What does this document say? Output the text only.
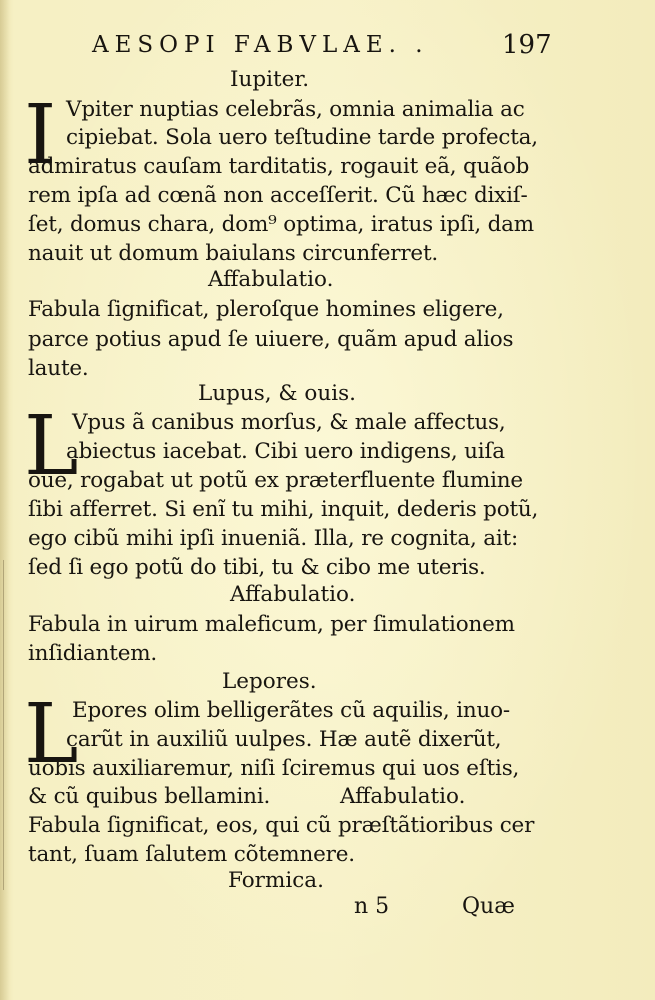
AESOPI FABVLAE. .	197
Iupiter.
I Vpiter nuptias celebrãs, omnia animalia ac
cipiebat. Sola uero teſtudine tarde profecta,
admiratus cauſam tarditatis, rogauit eã, quãob
rem ipſa ad cœnã non acceſſerit. Cũ hæc dixiſ-
ſet, domus chara, dom⁹ optima, iratus ipſi, dam
nauit ut domum baiulans circunferret.
Affabulatio.
Fabula ſignificat, pleroſque homines eligere,
parce potius apud ſe uiuere, quãm apud alios
laute.
Lupus, & ouis.
L
Vpus ã canibus morſus, & male affectus,
abiectus iacebat. Cibi uero indigens, uiſa
oue, rogabat ut potũ ex præterfluente flumine
ſibi afferret. Si enĩ tu mihi, inquit, dederis potũ,
ego cibũ mihi ipſi inueniã. Illa, re cognita, ait:
ſed ſi ego potũ do tibi, tu & cibo me uteris.
Affabulatio.
Fabula in uirum maleficum, per ſimulationem
inſidiantem.
Lepores.
L
Epores olim belligerãtes cũ aquilis, inuo-
carũt in auxiliũ uulpes. Hæ autẽ dixerũt,
uobis auxiliaremur, niſi ſciremus qui uos eſtis,
& cũ quibus bellamini.	Affabulatio.
Fabula ſignificat, eos, qui cũ præſtãtioribus cer
tant, ſuam ſalutem cõtemnere.
Formica.
n 5	Quæ
